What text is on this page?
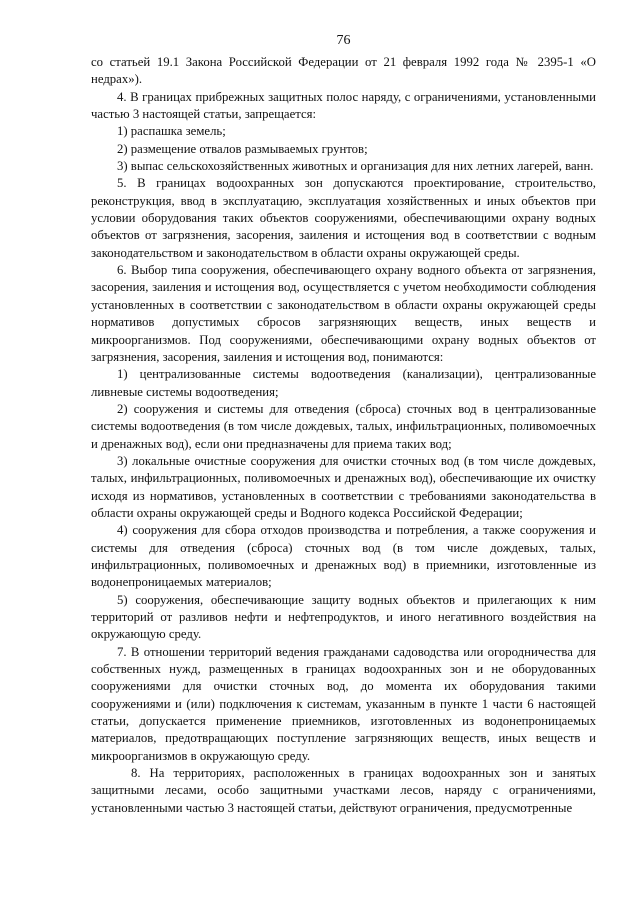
76

со статьей 19.1 Закона Российской Федерации от 21 февраля 1992 года № 2395-1 «О недрах»).

4. В границах прибрежных защитных полос наряду, с ограничениями, установленными частью 3 настоящей статьи, запрещается:

1) распашка земель;

2) размещение отвалов размываемых грунтов;

3) выпас сельскохозяйственных животных и организация для них летних лагерей, ванн.

5. В границах водоохранных зон допускаются проектирование, строительство, реконструкция, ввод в эксплуатацию, эксплуатация хозяйственных и иных объектов при условии оборудования таких объектов сооружениями, обеспечивающими охрану водных объектов от загрязнения, засорения, заиления и истощения вод в соответствии с водным законодательством и законодательством в области охраны окружающей среды.

6. Выбор типа сооружения, обеспечивающего охрану водного объекта от загрязнения, засорения, заиления и истощения вод, осуществляется с учетом необходимости соблюдения установленных в соответствии с законодательством в области охраны окружающей среды нормативов допустимых сбросов загрязняющих веществ, иных веществ и микроорганизмов. Под сооружениями, обеспечивающими охрану водных объектов от загрязнения, засорения, заиления и истощения вод, понимаются:

1) централизованные системы водоотведения (канализации), централизованные ливневые системы водоотведения;

2) сооружения и системы для отведения (сброса) сточных вод в централизованные системы водоотведения (в том числе дождевых, талых, инфильтрационных, поливомоечных и дренажных вод), если они предназначены для приема таких вод;

3) локальные очистные сооружения для очистки сточных вод (в том числе дождевых, талых, инфильтрационных, поливомоечных и дренажных вод), обеспечивающие их очистку исходя из нормативов, установленных в соответствии с требованиями законодательства в области охраны окружающей среды и Водного кодекса Российской Федерации;

4) сооружения для сбора отходов производства и потребления, а также сооружения и системы для отведения (сброса) сточных вод (в том числе дождевых, талых, инфильтрационных, поливомоечных и дренажных вод) в приемники, изготовленные из водонепроницаемых материалов;

5) сооружения, обеспечивающие защиту водных объектов и прилегающих к ним территорий от разливов нефти и нефтепродуктов, и иного негативного воздействия на окружающую среду.

7. В отношении территорий ведения гражданами садоводства или огородничества для собственных нужд, размещенных в границах водоохранных зон и не оборудованных сооружениями для очистки сточных вод, до момента их оборудования такими сооружениями и (или) подключения к системам, указанным в пункте 1 части 6 настоящей статьи, допускается применение приемников, изготовленных из водонепроницаемых материалов, предотвращающих поступление загрязняющих веществ, иных веществ и микроорганизмов в окружающую среду.

8. На территориях, расположенных в границах водоохранных зон и занятых защитными лесами, особо защитными участками лесов, наряду с ограничениями, установленными частью 3 настоящей статьи, действуют ограничения, предусмотренные
